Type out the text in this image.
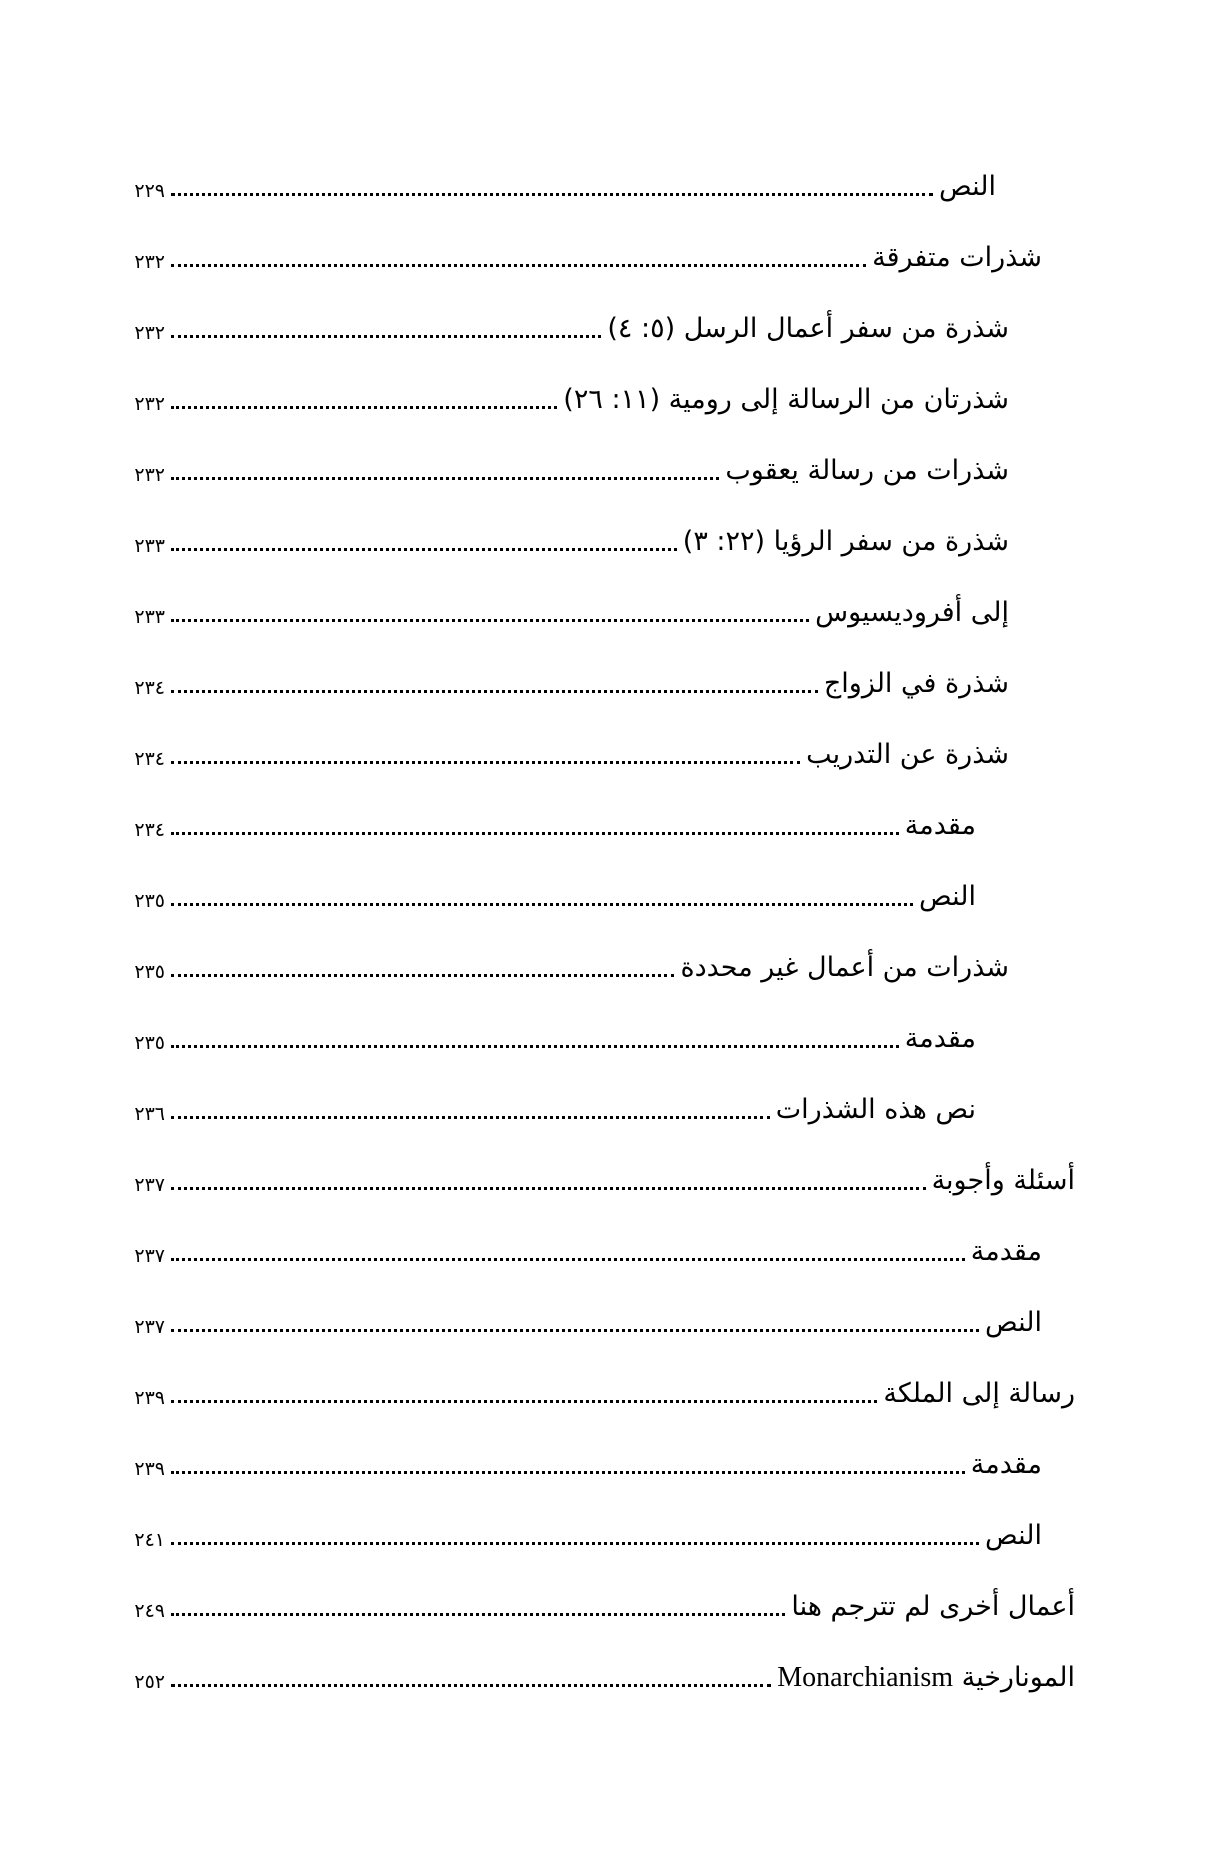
النص
٢٢٩
شذرات متفرقة
٢٣٢
شذرة من سفر أعمال الرسل (٥: ٤)
٢٣٢
شذرتان من الرسالة إلى رومية (١١: ٢٦)
٢٣٢
شذرات من رسالة يعقوب
٢٣٢
شذرة من سفر الرؤيا (٢٢: ٣)
٢٣٣
إلى أفروديسيوس
٢٣٣
شذرة في الزواج
٢٣٤
شذرة عن التدريب
٢٣٤
مقدمة
٢٣٤
النص
٢٣٥
شذرات من أعمال غير محددة
٢٣٥
مقدمة
٢٣٥
نص هذه الشذرات
٢٣٦
أسئلة وأجوبة
٢٣٧
مقدمة
٢٣٧
النص
٢٣٧
رسالة إلى الملكة
٢٣٩
مقدمة
٢٣٩
النص
٢٤١
أعمال أخرى لم تترجم هنا
٢٤٩
المونارخية Monarchianism
٢٥٢
